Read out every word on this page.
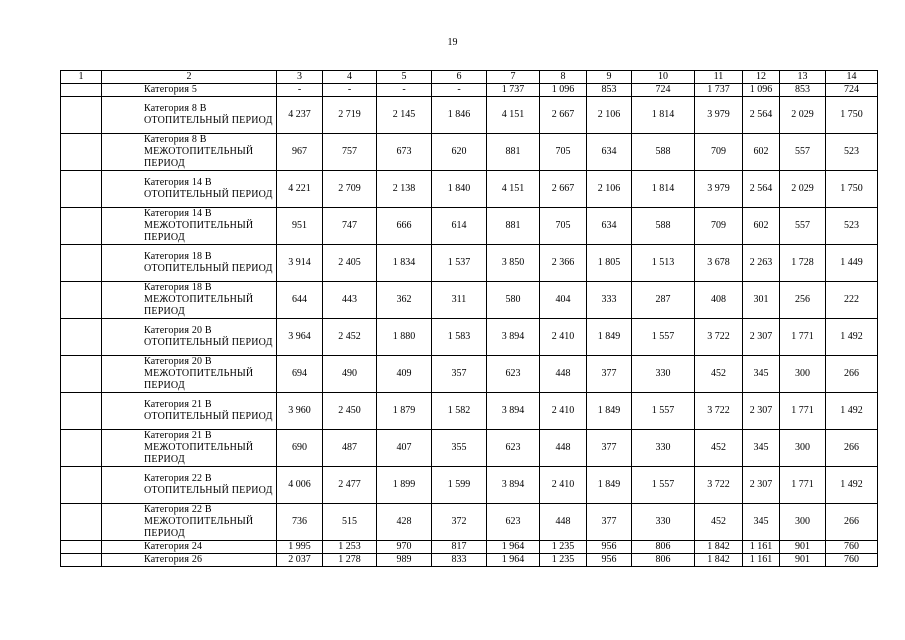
19
1	2	3	4	5	6	7	8	9	10	11	12	13	14
	Категория 5	-	-	-	-	1 737	1 096	853	724	1 737	1 096	853	724
	Категория 8 В ОТОПИТЕЛЬНЫЙ ПЕРИОД	4 237	2 719	2 145	1 846	4 151	2 667	2 106	1 814	3 979	2 564	2 029	1 750
	Категория 8 В МЕЖОТОПИТЕЛЬНЫЙ ПЕРИОД	967	757	673	620	881	705	634	588	709	602	557	523
	Категория 14 В ОТОПИТЕЛЬНЫЙ ПЕРИОД	4 221	2 709	2 138	1 840	4 151	2 667	2 106	1 814	3 979	2 564	2 029	1 750
	Категория 14 В МЕЖОТОПИТЕЛЬНЫЙ ПЕРИОД	951	747	666	614	881	705	634	588	709	602	557	523
	Категория 18 В ОТОПИТЕЛЬНЫЙ ПЕРИОД	3 914	2 405	1 834	1 537	3 850	2 366	1 805	1 513	3 678	2 263	1 728	1 449
	Категория 18 В МЕЖОТОПИТЕЛЬНЫЙ ПЕРИОД	644	443	362	311	580	404	333	287	408	301	256	222
	Категория 20 В ОТОПИТЕЛЬНЫЙ ПЕРИОД	3 964	2 452	1 880	1 583	3 894	2 410	1 849	1 557	3 722	2 307	1 771	1 492
	Категория 20 В МЕЖОТОПИТЕЛЬНЫЙ ПЕРИОД	694	490	409	357	623	448	377	330	452	345	300	266
	Категория 21 В ОТОПИТЕЛЬНЫЙ ПЕРИОД	3 960	2 450	1 879	1 582	3 894	2 410	1 849	1 557	3 722	2 307	1 771	1 492
	Категория 21 В МЕЖОТОПИТЕЛЬНЫЙ ПЕРИОД	690	487	407	355	623	448	377	330	452	345	300	266
	Категория 22 В ОТОПИТЕЛЬНЫЙ ПЕРИОД	4 006	2 477	1 899	1 599	3 894	2 410	1 849	1 557	3 722	2 307	1 771	1 492
	Категория 22 В МЕЖОТОПИТЕЛЬНЫЙ ПЕРИОД	736	515	428	372	623	448	377	330	452	345	300	266
	Категория 24	1 995	1 253	970	817	1 964	1 235	956	806	1 842	1 161	901	760
	Категория 26	2 037	1 278	989	833	1 964	1 235	956	806	1 842	1 161	901	760
